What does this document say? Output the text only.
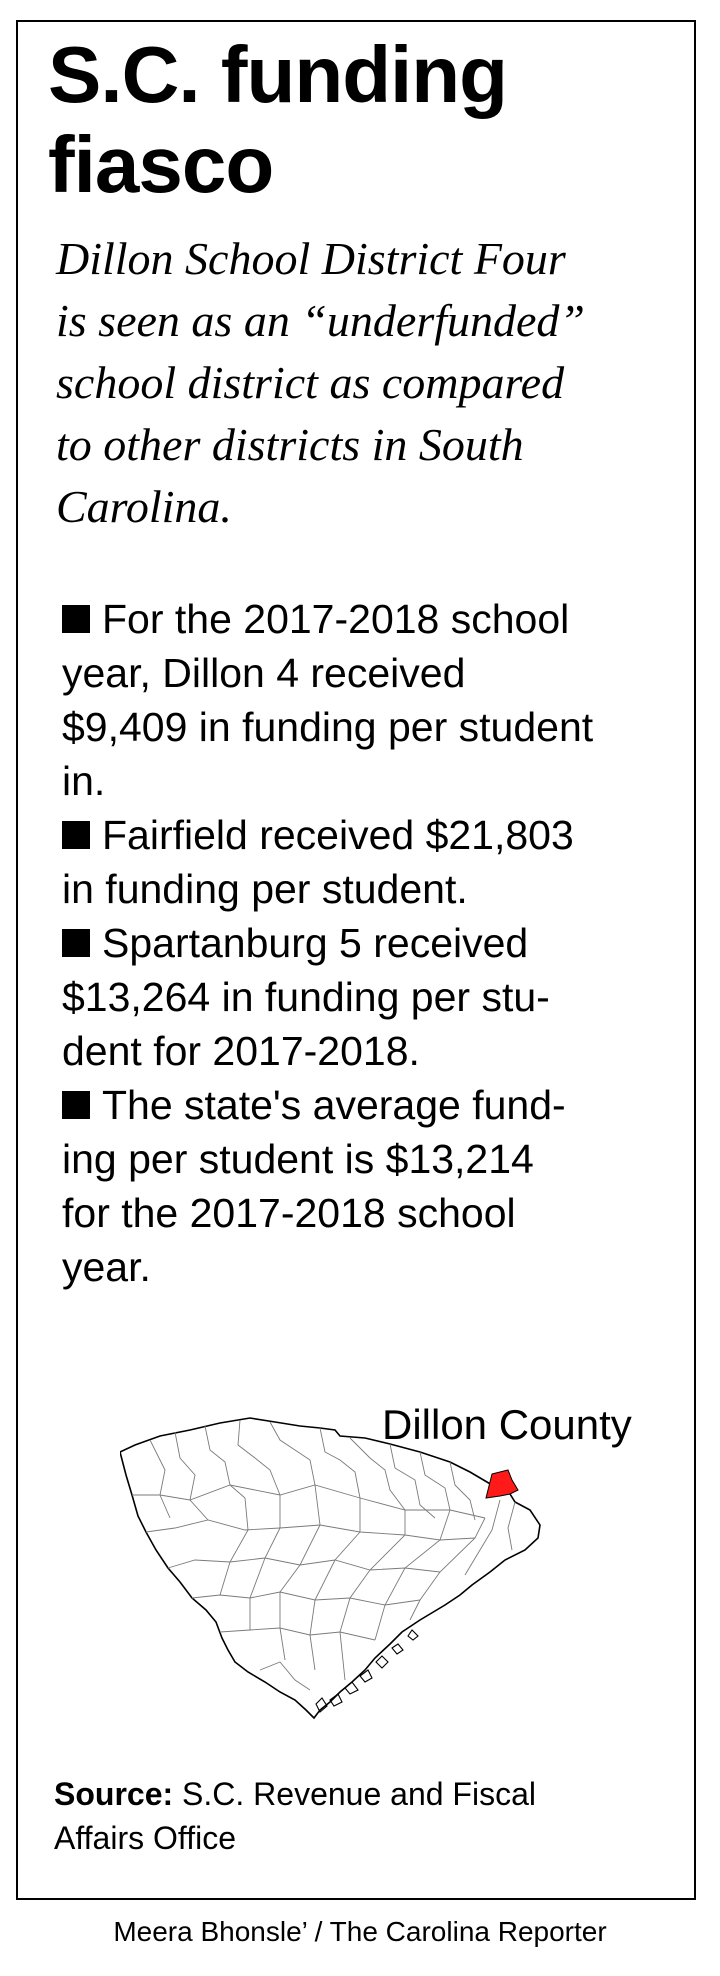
S.C. funding
fiasco
Dillon School District Four
is seen as an “underfunded”
school district as compared
to other districts in South
Carolina.
For the 2017-2018 school
year, Dillon 4 received
$9,409 in funding per student
in.
Fairfield received $21,803
in funding per student.
Spartanburg 5 received
$13,264 in funding per stu-
dent for 2017-2018.
The state's average fund-
ing per student is $13,214
for the 2017-2018 school
year.
Dillon County
Source: S.C. Revenue and Fiscal
Affairs Office
Meera Bhonsle’ / The Carolina Reporter
